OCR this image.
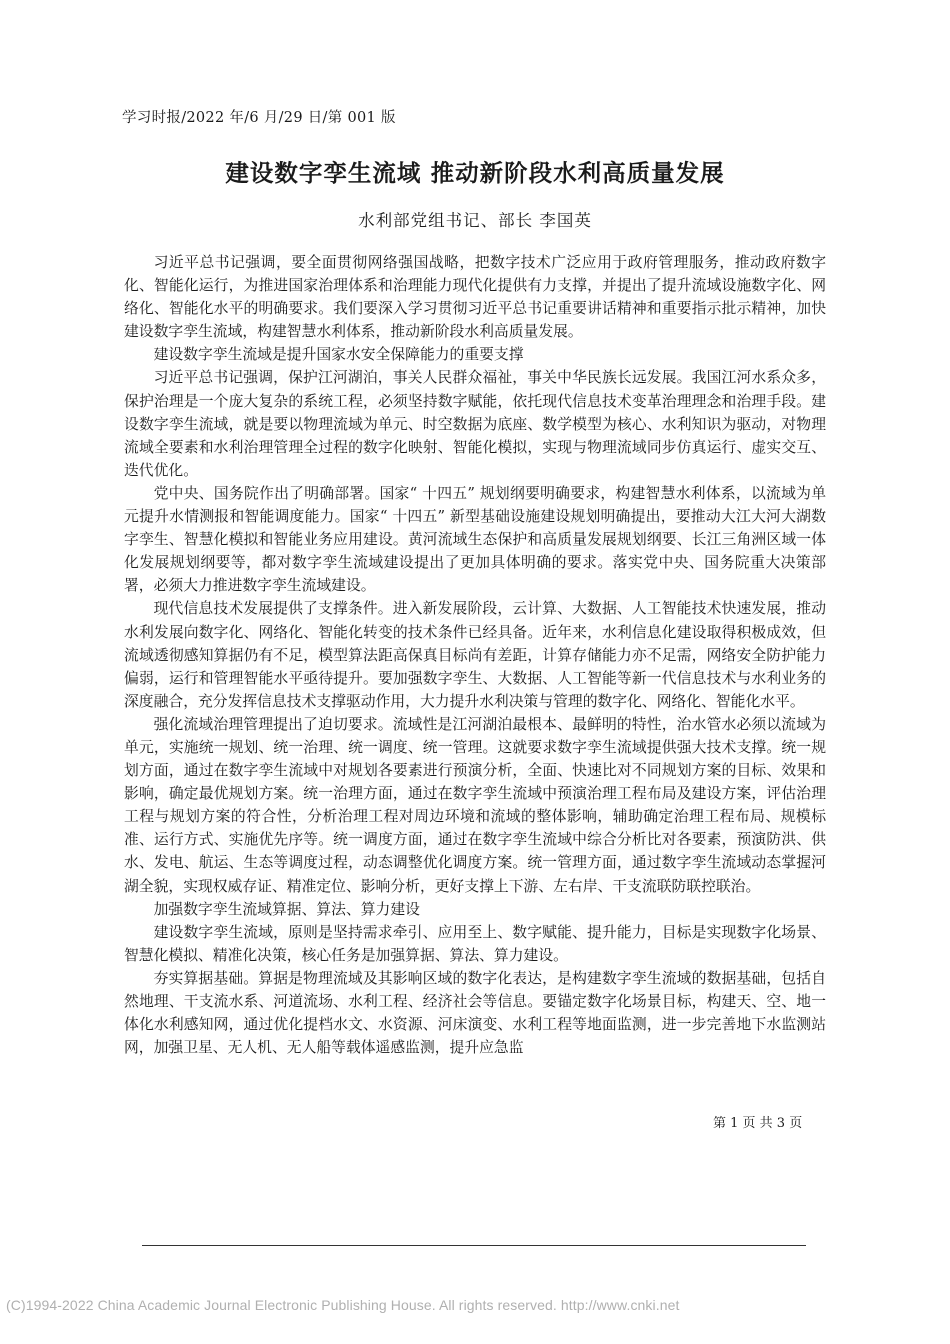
学习时报/2022 年/6 月/29 日/第 001 版
建设数字孪生流域 推动新阶段水利高质量发展
水利部党组书记、部长 李国英

习近平总书记强调，要全面贯彻网络强国战略，把数字技术广泛应用于政府管理服务，推动政府数字化、智能化运行，为推进国家治理体系和治理能力现代化提供有力支撑，并提出了提升流域设施数字化、网络化、智能化水平的明确要求。我们要深入学习贯彻习近平总书记重要讲话精神和重要指示批示精神，加快建设数字孪生流域，构建智慧水利体系，推动新阶段水利高质量发展。

建设数字孪生流域是提升国家水安全保障能力的重要支撑

习近平总书记强调，保护江河湖泊，事关人民群众福祉，事关中华民族长远发展。我国江河水系众多，保护治理是一个庞大复杂的系统工程，必须坚持数字赋能，依托现代信息技术变革治理理念和治理手段。建设数字孪生流域，就是要以物理流域为单元、时空数据为底座、数学模型为核心、水利知识为驱动，对物理流域全要素和水利治理管理全过程的数字化映射、智能化模拟，实现与物理流域同步仿真运行、虚实交互、迭代优化。

党中央、国务院作出了明确部署。国家“ 十四五” 规划纲要明确要求，构建智慧水利体系，以流域为单元提升水情测报和智能调度能力。国家“ 十四五” 新型基础设施建设规划明确提出，要推动大江大河大湖数字孪生、智慧化模拟和智能业务应用建设。黄河流域生态保护和高质量发展规划纲要、长江三角洲区域一体化发展规划纲要等，都对数字孪生流域建设提出了更加具体明确的要求。落实党中央、国务院重大决策部署，必须大力推进数字孪生流域建设。

现代信息技术发展提供了支撑条件。进入新发展阶段，云计算、大数据、人工智能技术快速发展，推动水利发展向数字化、网络化、智能化转变的技术条件已经具备。近年来，水利信息化建设取得积极成效，但流域透彻感知算据仍有不足，模型算法距高保真目标尚有差距，计算存储能力亦不足需，网络安全防护能力偏弱，运行和管理智能水平亟待提升。要加强数字孪生、大数据、人工智能等新一代信息技术与水利业务的深度融合，充分发挥信息技术支撑驱动作用，大力提升水利决策与管理的数字化、网络化、智能化水平。

强化流域治理管理提出了迫切要求。流域性是江河湖泊最根本、最鲜明的特性，治水管水必须以流域为单元，实施统一规划、统一治理、统一调度、统一管理。这就要求数字孪生流域提供强大技术支撑。统一规划方面，通过在数字孪生流域中对规划各要素进行预演分析，全面、快速比对不同规划方案的目标、效果和影响，确定最优规划方案。统一治理方面，通过在数字孪生流域中预演治理工程布局及建设方案，评估治理工程与规划方案的符合性，分析治理工程对周边环境和流域的整体影响，辅助确定治理工程布局、规模标准、运行方式、实施优先序等。统一调度方面，通过在数字孪生流域中综合分析比对各要素，预演防洪、供水、发电、航运、生态等调度过程，动态调整优化调度方案。统一管理方面，通过数字孪生流域动态掌握河湖全貌，实现权威存证、精准定位、影响分析，更好支撑上下游、左右岸、干支流联防联控联治。

加强数字孪生流域算据、算法、算力建设

建设数字孪生流域，原则是坚持需求牵引、应用至上、数字赋能、提升能力，目标是实现数字化场景、智慧化模拟、精准化决策，核心任务是加强算据、算法、算力建设。

夯实算据基础。算据是物理流域及其影响区域的数字化表达，是构建数字孪生流域的数据基础，包括自然地理、干支流水系、河道流场、水利工程、经济社会等信息。要锚定数字化场景目标，构建天、空、地一体化水利感知网，通过优化提档水文、水资源、河床演变、水利工程等地面监测，进一步完善地下水监测站网，加强卫星、无人机、无人船等载体遥感监测，提升应急监

第 1 页 共 3 页
(C)1994-2022 China Academic Journal Electronic Publishing House. All rights reserved. http://www.cnki.net
